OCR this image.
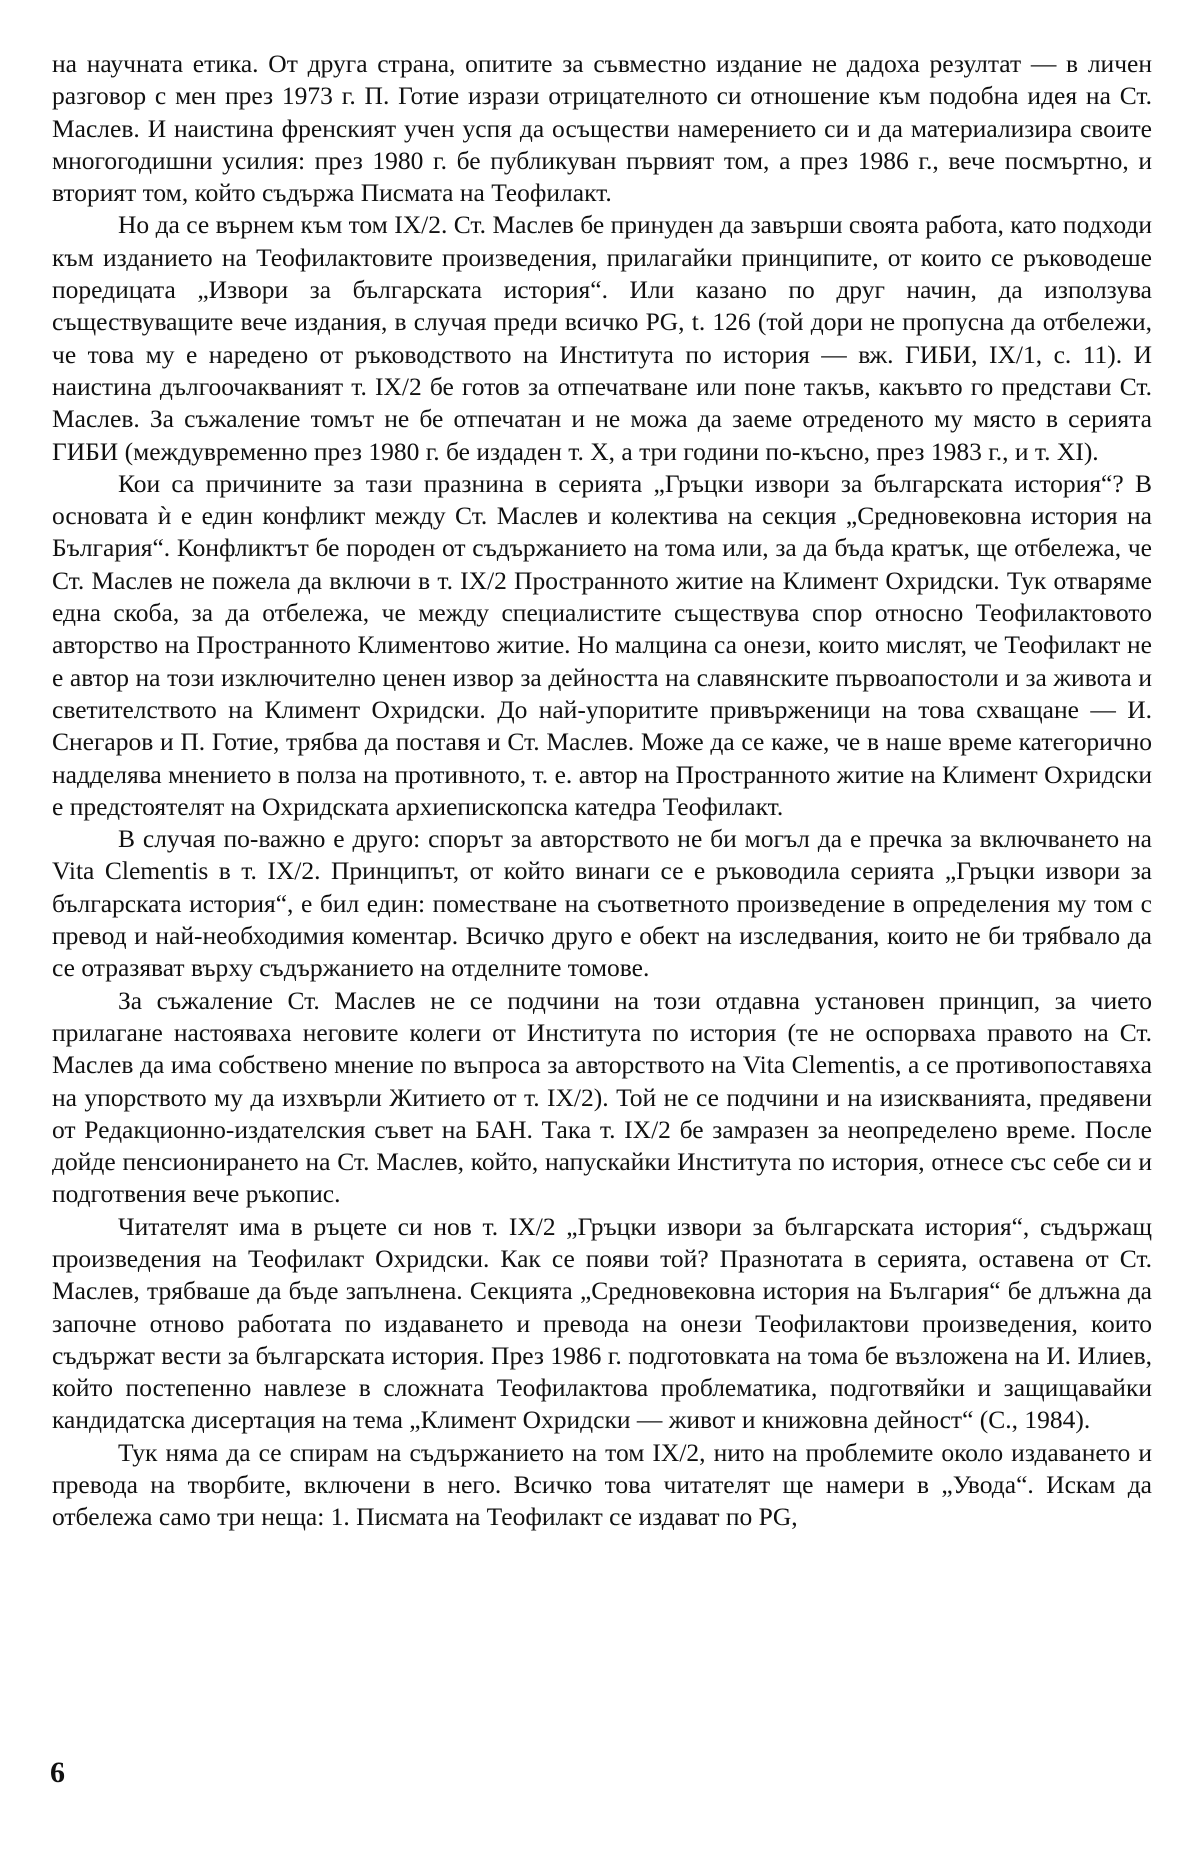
на научната етика. От друга страна, опитите за съвместно издание не дадоха резултат — в личен разговор с мен през 1973 г. П. Готие изрази отрицателното си отношение към подобна идея на Ст. Маслев. И наистина френският учен успя да осъществи намерението си и да материализира своите многогодишни усилия: през 1980 г. бе публикуван първият том, а през 1986 г., вече посмъртно, и вторият том, който съдържа Писмата на Теофилакт.

Но да се върнем към том IX/2. Ст. Маслев бе принуден да завърши своята работа, като подходи към изданието на Теофилактовите произведения, прилагайки принципите, от които се ръководеше поредицата „Извори за българската история“. Или казано по друг начин, да използува съществуващите вече издания, в случая преди всичко PG, t. 126 (той дори не пропусна да отбележи, че това му е наредено от ръководството на Института по история — вж. ГИБИ, IX/1, с. 11). И наистина дългоочакваният т. IX/2 бе готов за отпечатване или поне такъв, какъвто го представи Ст. Маслев. За съжаление томът не бе отпечатан и не можа да заеме отреденото му място в серията ГИБИ (междувременно през 1980 г. бе издаден т. X, а три години по-късно, през 1983 г., и т. XI).

Кои са причините за тази празнина в серията „Гръцки извори за българската история“? В основата ѝ е един конфликт между Ст. Маслев и колектива на секция „Средновековна история на България“. Конфликтът бе породен от съдържанието на тома или, за да бъда кратък, ще отбележа, че Ст. Маслев не пожела да включи в т. IX/2 Пространното житие на Климент Охридски. Тук отваряме една скоба, за да отбележа, че между специалистите съществува спор относно Теофилактовото авторство на Пространното Климентово житие. Но малцина са онези, които мислят, че Теофилакт не е автор на този изключително ценен извор за дейността на славянските първоапостоли и за живота и светителството на Климент Охридски. До най-упоритите привърженици на това схващане — И. Снегаров и П. Готие, трябва да поставя и Ст. Маслев. Може да се каже, че в наше време категорично надделява мнението в полза на противното, т. е. автор на Пространното житие на Климент Охридски е предстоятелят на Охридската архиепископска катедра Теофилакт.

В случая по-важно е друго: спорът за авторството не би могъл да е пречка за включването на Vita Clementis в т. IX/2. Принципът, от който винаги се е ръководила серията „Гръцки извори за българската история“, е бил един: поместване на съответното произведение в определения му том с превод и най-необходимия коментар. Всичко друго е обект на изследвания, които не би трябвало да се отразяват върху съдържанието на отделните томове.

За съжаление Ст. Маслев не се подчини на този отдавна установен принцип, за чието прилагане настояваха неговите колеги от Института по история (те не оспорваха правото на Ст. Маслев да има собствено мнение по въпроса за авторството на Vita Clementis, а се противопоставяха на упорството му да изхвърли Житието от т. IX/2). Той не се подчини и на изискванията, предявени от Редакционно-издателския съвет на БАН. Така т. IX/2 бе замразен за неопределено време. После дойде пенсионирането на Ст. Маслев, който, напускайки Института по история, отнесе със себе си и подготвения вече ръкопис.

Читателят има в ръцете си нов т. IX/2 „Гръцки извори за българската история“, съдържащ произведения на Теофилакт Охридски. Как се появи той? Празнотата в серията, оставена от Ст. Маслев, трябваше да бъде запълнена. Секцията „Средновековна история на България“ бе длъжна да започне отново работата по издаването и превода на онези Теофилактови произведения, които съдържат вести за българската история. През 1986 г. подготовката на тома бе възложена на И. Илиев, който постепенно навлезе в сложната Теофилактова проблематика, подготвяйки и защищавайки кандидатска дисертация на тема „Климент Охридски — живот и книжовна дейност“ (С., 1984).

Тук няма да се спирам на съдържанието на том IX/2, нито на проблемите около издаването и превода на творбите, включени в него. Всичко това читателят ще намери в „Увода“. Искам да отбележа само три неща: 1. Писмата на Теофилакт се издават по PG,

6
